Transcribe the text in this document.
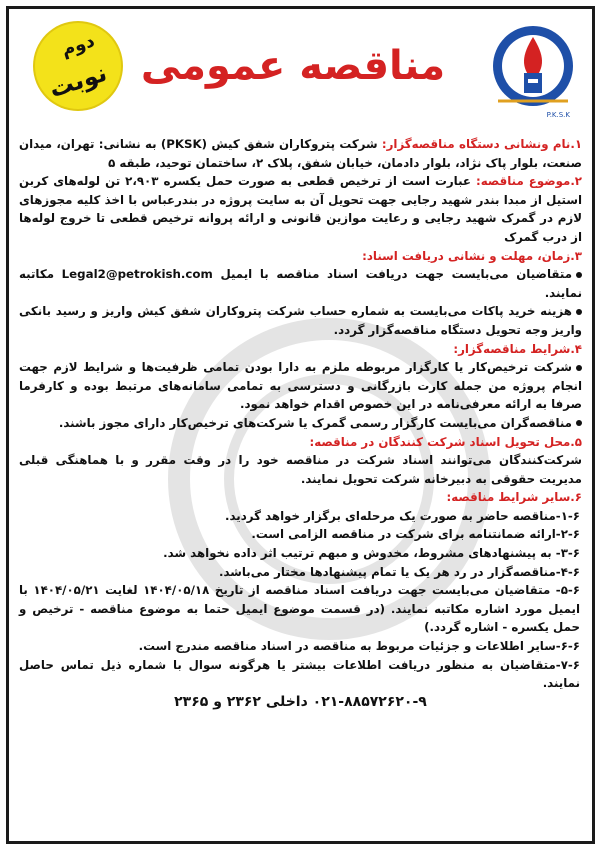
P.K.S.K
مناقصه عمومی
دوم
نوبت

۱.نام ونشانی دستگاه مناقصه‌گزار: شرکت پتروکاران شفق کیش (PKSK) به نشانی: تهران، میدان صنعت، بلوار پاک نژاد، بلوار دادمان، خیابان شفق، پلاک ۲، ساختمان توحید، طبقه ۵

۲.موضوع مناقصه: عبارت است از ترخیص قطعی به صورت حمل یکسره ۲،۹۰۳ تن لوله‌های کربن استیل از مبدا بندر شهید رجایی جهت تحویل آن به سایت پروژه در بندرعباس با اخذ کلیه مجوزهای لازم در گمرک شهید رجایی و رعایت موازین قانونی و ارائه پروانه ترخیص قطعی تا خروج لوله‌ها از درب گمرک

۳.زمان، مهلت و نشانی دریافت اسناد:

متقاضیان می‌بایست جهت دریافت اسناد مناقصه با ایمیل Legal2@petrokish.com مکاتبه نمایند.

هزینه خرید پاکات می‌بایست به شماره حساب شرکت پتروکاران شفق کیش واریز و رسید بانکی واریز وجه تحویل دستگاه مناقصه‌گزار گردد.

۴.شرایط مناقصه‌گزار:

شرکت ترخیص‌کار یا کارگزار مربوطه ملزم به دارا بودن تمامی ظرفیت‌ها و شرایط لازم جهت انجام پروژه من جمله کارت بازرگانی و دسترسی به تمامی سامانه‌های مرتبط بوده و کارفرما صرفا به ارائه معرفی‌نامه در این خصوص اقدام خواهد نمود.

مناقصه‌گران می‌بایست کارگزار رسمی گمرک یا شرکت‌های ترخیص‌کار دارای مجوز باشند.

۵.محل تحویل اسناد شرکت کنندگان در مناقصه:

شرکت‌کنندگان می‌توانند اسناد شرکت در مناقصه خود را در وقت مقرر و با هماهنگی قبلی مدیریت حقوقی به دبیرخانه شرکت تحویل نمایند.

۶.سایر شرایط مناقصه:

۱-۶-مناقصه حاضر به صورت یک مرحله‌ای برگزار خواهد گردید.

۲-۶-ارائه ضمانتنامه برای شرکت در مناقصه الزامی است.

۳-۶- به پیشنهادهای مشروط، مخدوش و مبهم ترتیب اثر داده نخواهد شد.

۴-۶-مناقصه‌گزار در رد هر یک یا تمام پیشنهادها مختار می‌باشد.

۵-۶- متقاضیان می‌بایست جهت دریافت اسناد مناقصه از تاریخ ۱۴۰۴/۰۵/۱۸ لغایت ۱۴۰۴/۰۵/۲۱ با ایمیل مورد اشاره مکاتبه نمایند. (در قسمت موضوع ایمیل حتما به موضوع مناقصه - ترخیص و حمل یکسره - اشاره گردد.)

۶-۶-سایر اطلاعات و جزئیات مربوط به مناقصه در اسناد مناقصه مندرج است.

۷-۶-متقاضیان به منظور دریافت اطلاعات بیشتر یا هرگونه سوال با شماره ذیل تماس حاصل نمایند.

۰۲۱-۸۸۵۷۲۶۲۰-۹ داخلی ۲۳۶۲ و ۲۳۶۵
